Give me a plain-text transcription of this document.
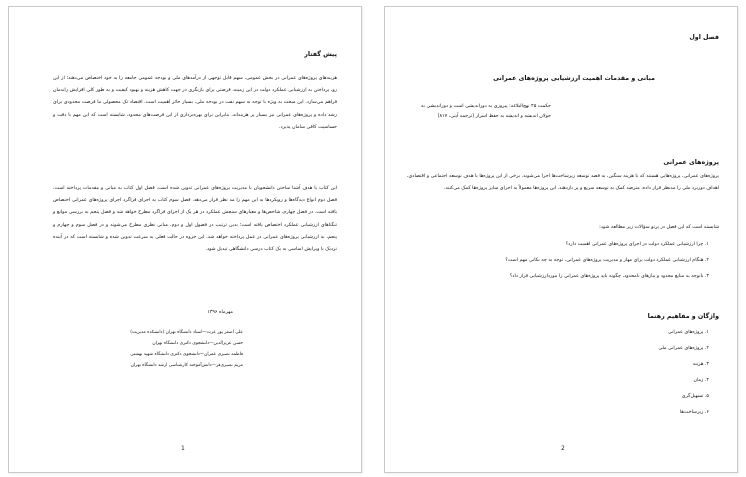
پیش گفتار
هزینه‌های پروژه‌های عمرانی در بخش عمومی، سهم قابل توجهی از درآمدهای ملی و بودجه عمومی جامعه را به خود اختصاص می‌دهند؛ از این رو، پرداختن به ارزشیابی عملکرد دولت در این زمینه، فرصتی برای بازنگری در جهت کاهش هزینه و بهبود کیفیت و به طور کلی افزایش راندمان فراهم می‌سازد. این مبحث به ویژه با توجه به سهم نفت در بودجه ملی، بسیار حائز اهمیت است. اقتصاد تک محصولی ما فرصت محدودی برای رشد داده و پروژه‌های عمرانی نیز بسیار پر هزینه‌اند، بنابراین برای بهره‌برداری از این فرصت‌های محدود، شایسته است که این مهم با دقت و حساسیت کافی سامان پذیرد.
این کتاب با هدف آشنا ساختن دانشجویان با مدیریت پروژه‌های عمرانی تدوین شده است. فصل اول کتاب به مبانی و مقدمات پرداخته است. فصل دوم انواع دیدگاه‌ها و رویکردها به این مهم را مد نظر قرار می‌دهد. فصل سوم کتاب به اجرای فراگرد اجرای پروژه‌های عمرانی اختصاص یافته است. در فصل چهارم، شاخص‌ها و معیارهای سنجش عملکرد در هر یک از اجزای فراگرد مطرح خواهد شد و فصل پنجم به بررسی موانع و تنگناهای ارزشیابی عملکرد اختصاص یافته است؛ بدین ترتیب در فصول اول و دوم، مبانی نظری مطرح می‌شوند و در فصل سوم و چهارم و پنجم، به ارزشیابی پروژه‌های عمرانی در عمل پرداخته خواهد شد. این جزوه در حالت فعلی به سرعت تدوین شده و شایسته است که در آینده نزدیک با ویرایش اساسی به یک کتاب درسی دانشگاهی تبدیل شود.
مهرماه ۱۳۹۶
علی اصغر پور عزت—استاد دانشگاه تهران (دانشکده مدیریت)
حسن عزیزالدین—دانشجوی دکتری دانشگاه تهران
فاطمه نصیری عمران—دانشجوی دکتری دانشگاه شهید بهشتی
مریم نصیری‌فر—دانش‌آموخته کارشناسی ارشد دانشگاه تهران
1
فصل اول
مبانی و مقدمات اهمیت ارزشیابی پروژه‌های عمرانی
حکمت ۴۵ نهج‌البلاغه: پیروزی به دوراندیشی است و دوراندیشی به جولان اندیشه و اندیشه به حفظ اسرار (ترجمه آیتی، ۸۱۷)
پروژه‌های عمرانی
پروژه‌های عمرانی، پروژه‌هایی هستند که با هزینه سنگین، به قصد توسعه زیرساخت‌ها اجرا می‌شوند. برخی از این پروژه‌ها با هدف توسعه اجتماعی و اقتصادی، اهداف دوربرد ملی را مدنظر قرار داده، مترصد کمک به توسعه سریع و پر بازدهند. این پروژه‌ها معمولاً به اجرای سایر پروژه‌ها کمک می‌کنند.
شایسته است که این فصل در پرتو سؤالات زیر مطالعه شود:
۱. چرا ارزشیابی عملکرد دولت در اجرای پروژه‌های عمرانی اهمیت دارد؟
۲. هنگام ارزشیابی عملکرد دولت برای مهار و مدیریت پروژه‌های عمرانی، توجه به چه نکاتی مهم است؟
۳. باتوجه به منابع محدود و نیازهای نامحدود، چگونه باید پروژه‌های عمرانی را موردارزشیابی قرار داد؟
واژگان و مفاهیم رهنما
۱. پروژه‌های عمرانی
۲. پروژه‌های عمرانی ملی
۳. هزینه
۴. زمان
۵. تسهیل‌گری
۶. زیرساخت‌ها
2
